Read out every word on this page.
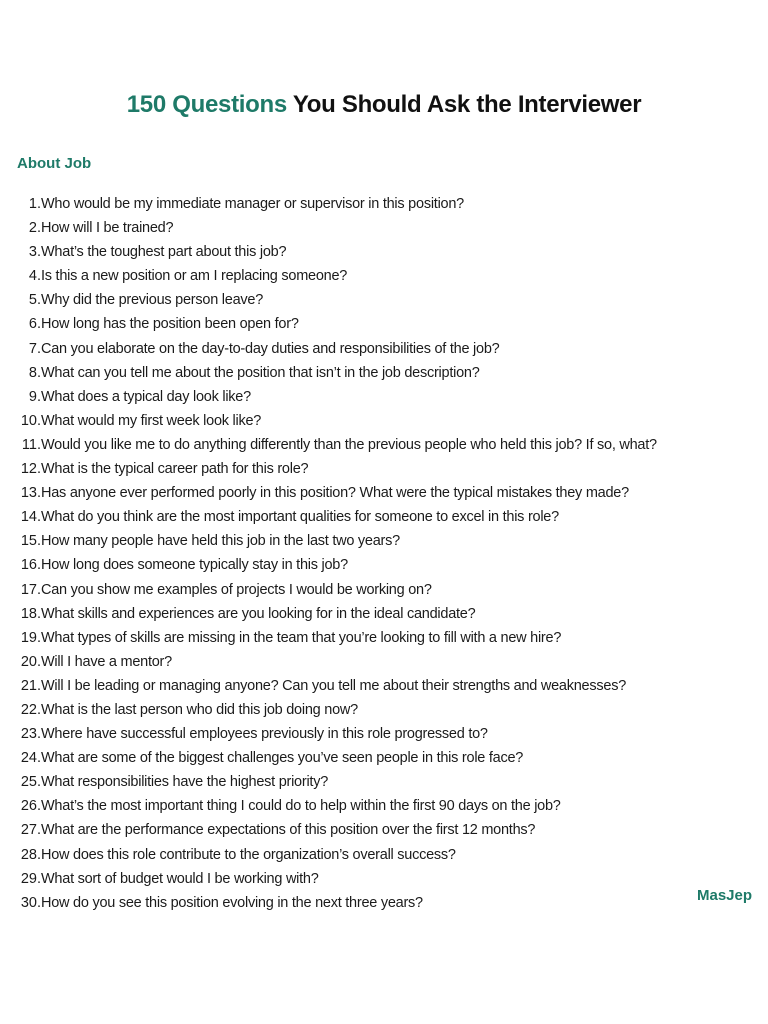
150 Questions You Should Ask the Interviewer
About Job
1. Who would be my immediate manager or supervisor in this position?
2. How will I be trained?
3. What’s the toughest part about this job?
4. Is this a new position or am I replacing someone?
5. Why did the previous person leave?
6. How long has the position been open for?
7. Can you elaborate on the day-to-day duties and responsibilities of the job?
8. What can you tell me about the position that isn’t in the job description?
9. What does a typical day look like?
10. What would my first week look like?
11. Would you like me to do anything differently than the previous people who held this job? If so, what?
12. What is the typical career path for this role?
13. Has anyone ever performed poorly in this position? What were the typical mistakes they made?
14. What do you think are the most important qualities for someone to excel in this role?
15. How many people have held this job in the last two years?
16. How long does someone typically stay in this job?
17. Can you show me examples of projects I would be working on?
18. What skills and experiences are you looking for in the ideal candidate?
19. What types of skills are missing in the team that you’re looking to fill with a new hire?
20. Will I have a mentor?
21. Will I be leading or managing anyone? Can you tell me about their strengths and weaknesses?
22. What is the last person who did this job doing now?
23. Where have successful employees previously in this role progressed to?
24. What are some of the biggest challenges you’ve seen people in this role face?
25. What responsibilities have the highest priority?
26. What’s the most important thing I could do to help within the first 90 days on the job?
27. What are the performance expectations of this position over the first 12 months?
28. How does this role contribute to the organization’s overall success?
29. What sort of budget would I be working with?
30. How do you see this position evolving in the next three years?	MasJep
